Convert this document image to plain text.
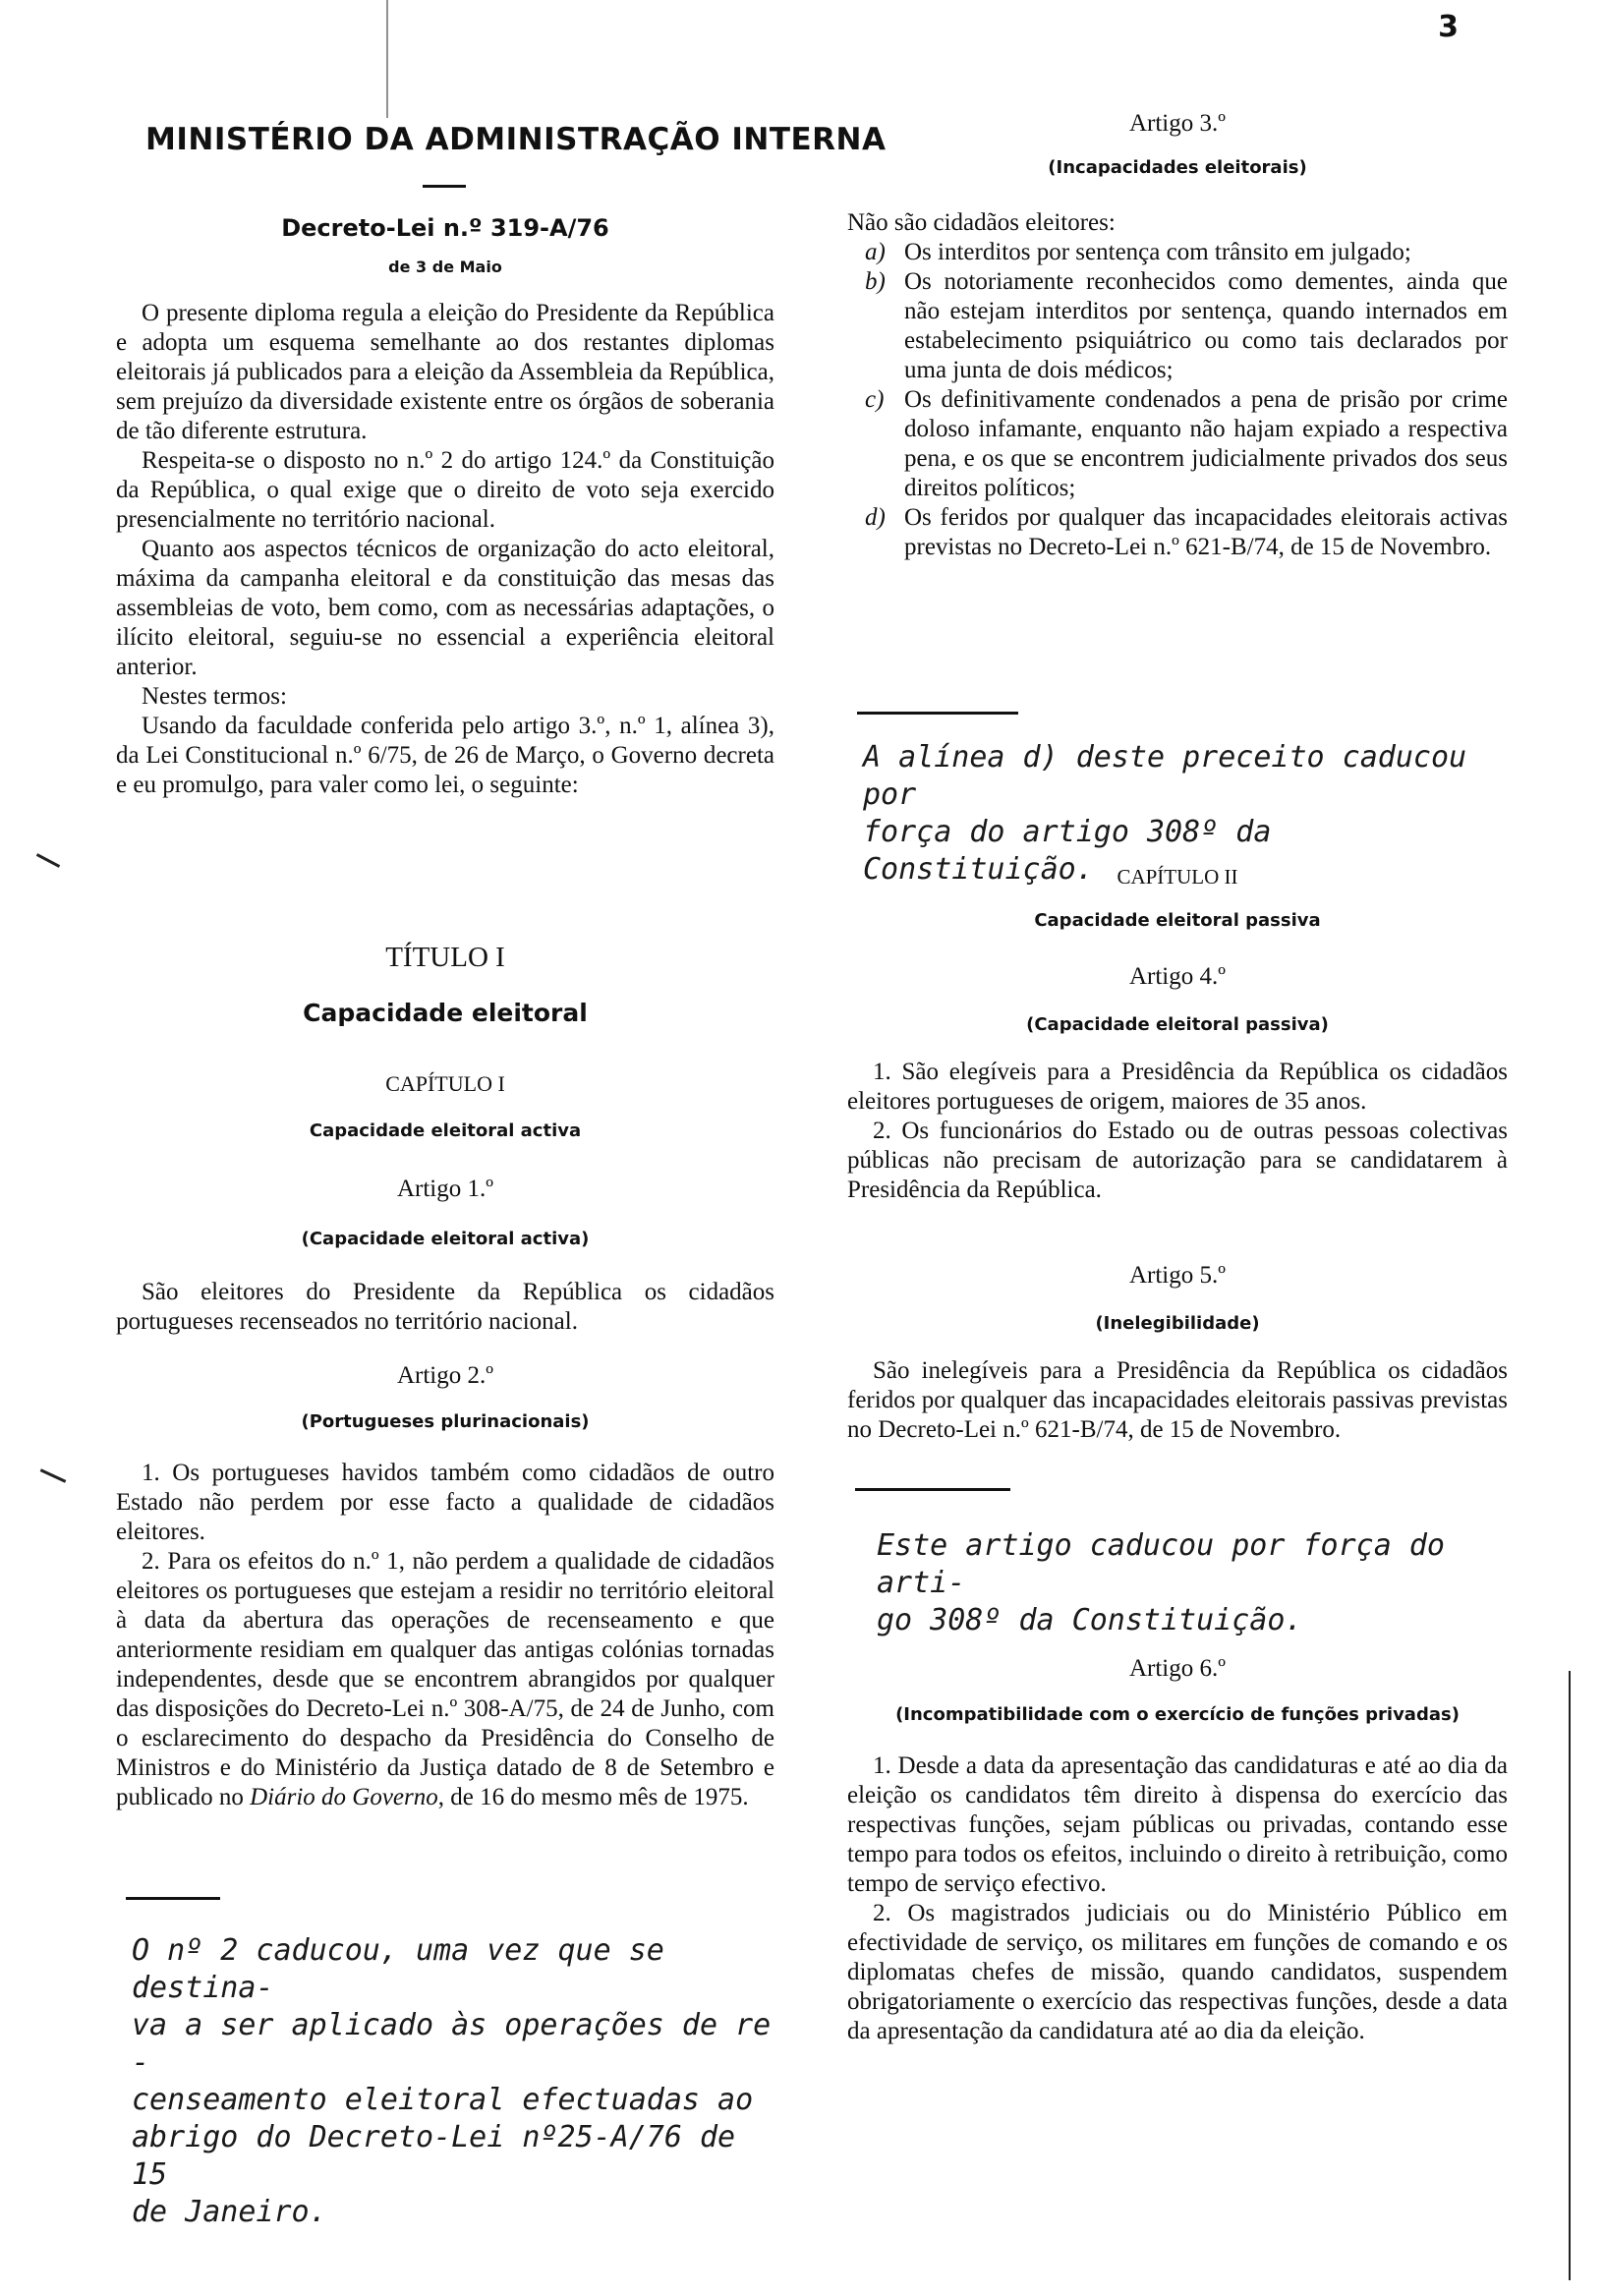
3
MINISTÉRIO DA ADMINISTRAÇÃO INTERNA
Decreto-Lei n.º 319-A/76
de 3 de Maio

O presente diploma regula a eleição do Presidente da República e adopta um esquema semelhante ao dos restantes diplomas eleitorais já publicados para a eleição da Assembleia da República, sem prejuízo da diversidade existente entre os órgãos de soberania de tão diferente estrutura.

Respeita-se o disposto no n.º 2 do artigo 124.º da Constituição da República, o qual exige que o direito de voto seja exercido presencialmente no território nacional.

Quanto aos aspectos técnicos de organização do acto eleitoral, máxima da campanha eleitoral e da constituição das mesas das assembleias de voto, bem como, com as necessárias adaptações, o ilícito eleitoral, seguiu-se no essencial a experiência eleitoral anterior.

Nestes termos:

Usando da faculdade conferida pelo artigo 3.º, n.º 1, alínea 3), da Lei Constitucional n.º 6/75, de 26 de Março, o Governo decreta e eu promulgo, para valer como lei, o seguinte:

TÍTULO I
Capacidade eleitoral
CAPÍTULO I
Capacidade eleitoral activa
Artigo 1.º
(Capacidade eleitoral activa)

São eleitores do Presidente da República os cidadãos portugueses recenseados no território nacional.

Artigo 2.º
(Portugueses plurinacionais)

1. Os portugueses havidos também como cidadãos de outro Estado não perdem por esse facto a qualidade de cidadãos eleitores.

2. Para os efeitos do n.º 1, não perdem a qualidade de cidadãos eleitores os portugueses que estejam a residir no território eleitoral à data da abertura das operações de recenseamento e que anteriormente residiam em qualquer das antigas colónias tornadas independentes, desde que se encontrem abrangidos por qualquer das disposições do Decreto-Lei n.º 308-A/75, de 24 de Junho, com o esclarecimento do despacho da Presidência do Conselho de Ministros e do Ministério da Justiça datado de 8 de Setembro e publicado no Diário do Governo, de 16 do mesmo mês de 1975.

O nº 2 caducou, uma vez que se destina-
va a ser aplicado às operações de re -
censeamento eleitoral efectuadas ao
abrigo do Decreto-Lei nº25-A/76 de 15
de Janeiro.
Artigo 3.º
(Incapacidades eleitorais)

Não são cidadãos eleitores:

a) Os interditos por sentença com trânsito em julgado;
b) Os notoriamente reconhecidos como dementes, ainda que não estejam interditos por sentença, quando internados em estabelecimento psiquiátrico ou como tais declarados por uma junta de dois médicos;
c) Os definitivamente condenados a pena de prisão por crime doloso infamante, enquanto não hajam expiado a respectiva pena, e os que se encontrem judicialmente privados dos seus direitos políticos;
d) Os feridos por qualquer das incapacidades eleitorais activas previstas no Decreto-Lei n.º 621-B/74, de 15 de Novembro.
A alínea d) deste preceito caducou por
força do artigo 308º da Constituição.	CAPÍTULO II
Capacidade eleitoral passiva
Artigo 4.º
(Capacidade eleitoral passiva)

1. São elegíveis para a Presidência da República os cidadãos eleitores portugueses de origem, maiores de 35 anos.

2. Os funcionários do Estado ou de outras pessoas colectivas públicas não precisam de autorização para se candidatarem à Presidência da República.

Artigo 5.º
(Inelegibilidade)

São inelegíveis para a Presidência da República os cidadãos feridos por qualquer das incapacidades eleitorais passivas previstas no Decreto-Lei n.º 621-B/74, de 15 de Novembro.

Este artigo caducou por força do arti-
go 308º da Constituição.
Artigo 6.º
(Incompatibilidade com o exercício de funções privadas)

1. Desde a data da apresentação das candidaturas e até ao dia da eleição os candidatos têm direito à dispensa do exercício das respectivas funções, sejam públicas ou privadas, contando esse tempo para todos os efeitos, incluindo o direito à retribuição, como tempo de serviço efectivo.

2. Os magistrados judiciais ou do Ministério Público em efectividade de serviço, os militares em funções de comando e os diplomatas chefes de missão, quando candidatos, suspendem obrigatoriamente o exercício das respectivas funções, desde a data da apresentação da candidatura até ao dia da eleição.
